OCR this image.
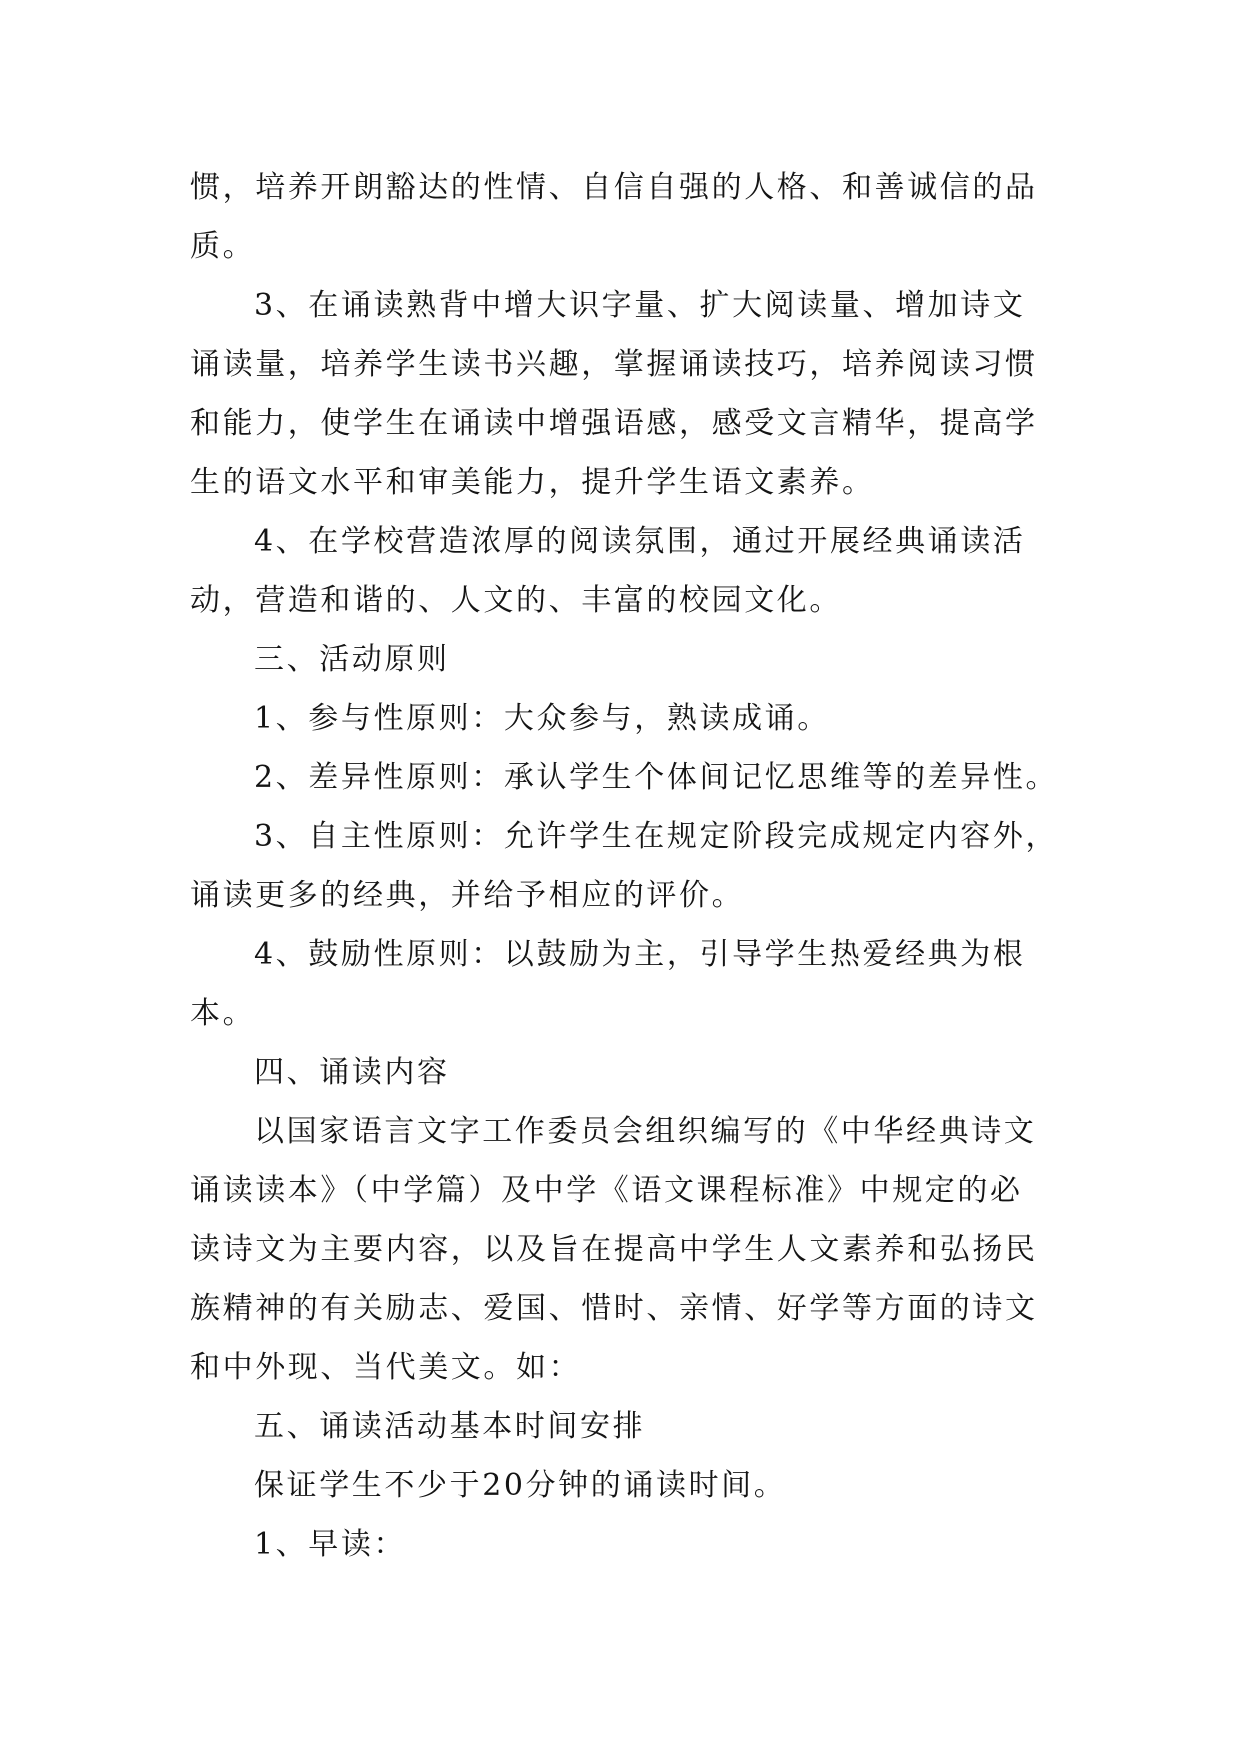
惯，培养开朗豁达的性情、自信自强的人格、和善诚信的品
质。
3、在诵读熟背中增大识字量、扩大阅读量、增加诗文
诵读量，培养学生读书兴趣，掌握诵读技巧，培养阅读习惯
和能力，使学生在诵读中增强语感，感受文言精华，提高学
生的语文水平和审美能力，提升学生语文素养。
4、在学校营造浓厚的阅读氛围，通过开展经典诵读活
动，营造和谐的、人文的、丰富的校园文化。
三、活动原则
1、参与性原则：大众参与，熟读成诵。
2、差异性原则：承认学生个体间记忆思维等的差异性。
3、自主性原则：允许学生在规定阶段完成规定内容外，
诵读更多的经典，并给予相应的评价。
4、鼓励性原则：以鼓励为主，引导学生热爱经典为根
本。
四、诵读内容
以国家语言文字工作委员会组织编写的《中华经典诗文
诵读读本》（中学篇）及中学《语文课程标准》中规定的必
读诗文为主要内容，以及旨在提高中学生人文素养和弘扬民
族精神的有关励志、爱国、惜时、亲情、好学等方面的诗文
和中外现、当代美文。如：
五、诵读活动基本时间安排
保证学生不少于20分钟的诵读时间。
1、早读：
